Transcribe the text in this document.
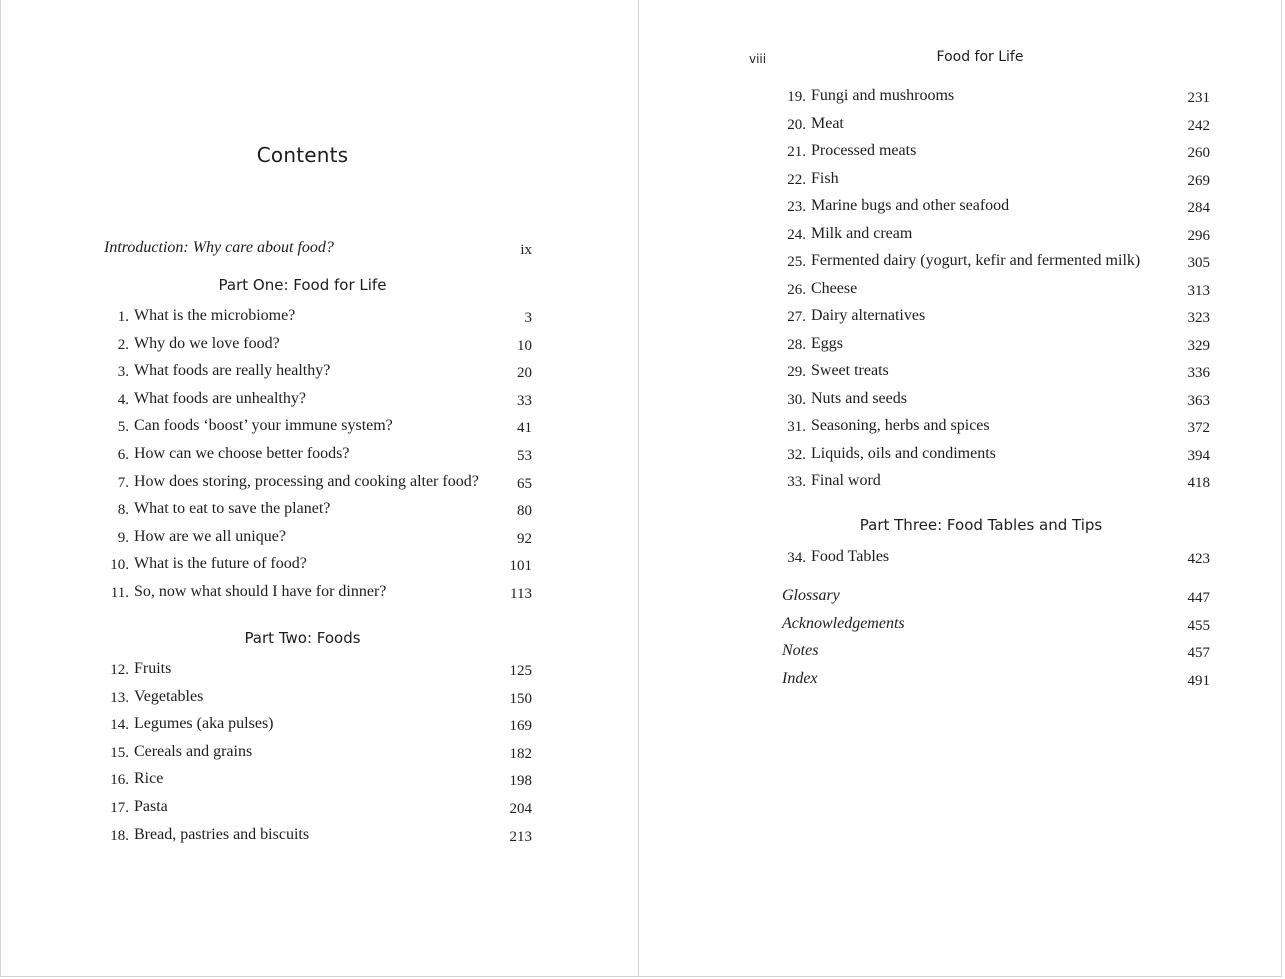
Contents
Introduction: Why care about food?	ix
Part One: Food for Life
1. What is the microbiome?	3
2. Why do we love food?	10
3. What foods are really healthy?	20
4. What foods are unhealthy?	33
5. Can foods ‘boost’ your immune system?	41
6. How can we choose better foods?	53
7. How does storing, processing and cooking alter food?	65
8. What to eat to save the planet?	80
9. How are we all unique?	92
10. What is the future of food?	101
11. So, now what should I have for dinner?	113
Part Two: Foods
12. Fruits	125
13. Vegetables	150
14. Legumes (aka pulses)	169
15. Cereals and grains	182
16. Rice	198
17. Pasta	204
18. Bread, pastries and biscuits	213
viii	Food for Life
19. Fungi and mushrooms	231
20. Meat	242
21. Processed meats	260
22. Fish	269
23. Marine bugs and other seafood	284
24. Milk and cream	296
25. Fermented dairy (yogurt, kefir and fermented milk)	305
26. Cheese	313
27. Dairy alternatives	323
28. Eggs	329
29. Sweet treats	336
30. Nuts and seeds	363
31. Seasoning, herbs and spices	372
32. Liquids, oils and condiments	394
33. Final word	418
Part Three: Food Tables and Tips
34. Food Tables	423
Glossary	447
Acknowledgements	455
Notes	457
Index	491
